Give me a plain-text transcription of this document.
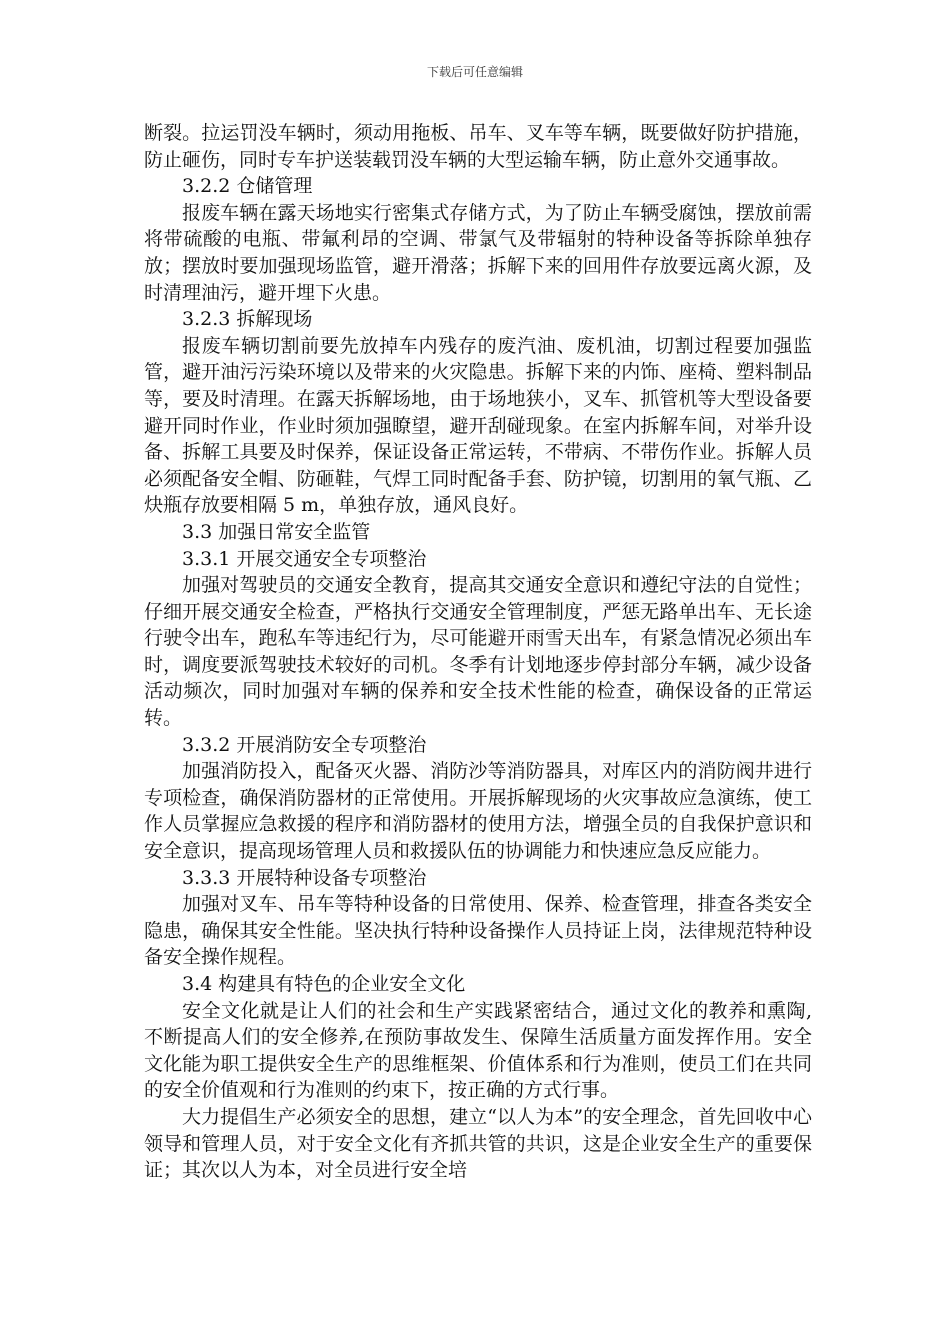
下载后可任意编辑

断裂。拉运罚没车辆时，须动用拖板、吊车、叉车等车辆，既要做好防护措施，防止砸伤，同时专车护送装载罚没车辆的大型运输车辆，防止意外交通事故。

3.2.2 仓储管理

报废车辆在露天场地实行密集式存储方式，为了防止车辆受腐蚀，摆放前需将带硫酸的电瓶、带氟利昂的空调、带氯气及带辐射的特种设备等拆除单独存放；摆放时要加强现场监管，避开滑落；拆解下来的回用件存放要远离火源，及时清理油污，避开埋下火患。

3.2.3 拆解现场

报废车辆切割前要先放掉车内残存的废汽油、废机油，切割过程要加强监管，避开油污污染环境以及带来的火灾隐患。拆解下来的内饰、座椅、塑料制品等，要及时清理。在露天拆解场地，由于场地狭小，叉车、抓管机等大型设备要避开同时作业，作业时须加强瞭望，避开刮碰现象。在室内拆解车间，对举升设备、拆解工具要及时保养，保证设备正常运转，不带病、不带伤作业。拆解人员必须配备安全帽、防砸鞋，气焊工同时配备手套、防护镜，切割用的氧气瓶、乙炔瓶存放要相隔 5 m，单独存放，通风良好。

3.3 加强日常安全监管

3.3.1 开展交通安全专项整治

加强对驾驶员的交通安全教育，提高其交通安全意识和遵纪守法的自觉性；仔细开展交通安全检查，严格执行交通安全管理制度，严惩无路单出车、无长途行驶令出车，跑私车等违纪行为，尽可能避开雨雪天出车，有紧急情况必须出车时，调度要派驾驶技术较好的司机。冬季有计划地逐步停封部分车辆，减少设备活动频次，同时加强对车辆的保养和安全技术性能的检查，确保设备的正常运转。

3.3.2 开展消防安全专项整治

加强消防投入，配备灭火器、消防沙等消防器具，对库区内的消防阀井进行专项检查，确保消防器材的正常使用。开展拆解现场的火灾事故应急演练，使工作人员掌握应急救援的程序和消防器材的使用方法，增强全员的自我保护意识和安全意识，提高现场管理人员和救援队伍的协调能力和快速应急反应能力。

3.3.3 开展特种设备专项整治

加强对叉车、吊车等特种设备的日常使用、保养、检查管理，排查各类安全隐患，确保其安全性能。坚决执行特种设备操作人员持证上岗，法律规范特种设备安全操作规程。

3.4 构建具有特色的企业安全文化

安全文化就是让人们的社会和生产实践紧密结合，通过文化的教养和熏陶,不断提高人们的安全修养,在预防事故发生、保障生活质量方面发挥作用。安全文化能为职工提供安全生产的思维框架、价值体系和行为准则，使员工们在共同的安全价值观和行为准则的约束下，按正确的方式行事。

大力提倡生产必须安全的思想，建立“以人为本”的安全理念，首先回收中心领导和管理人员，对于安全文化有齐抓共管的共识，这是企业安全生产的重要保证；其次以人为本，对全员进行安全培
